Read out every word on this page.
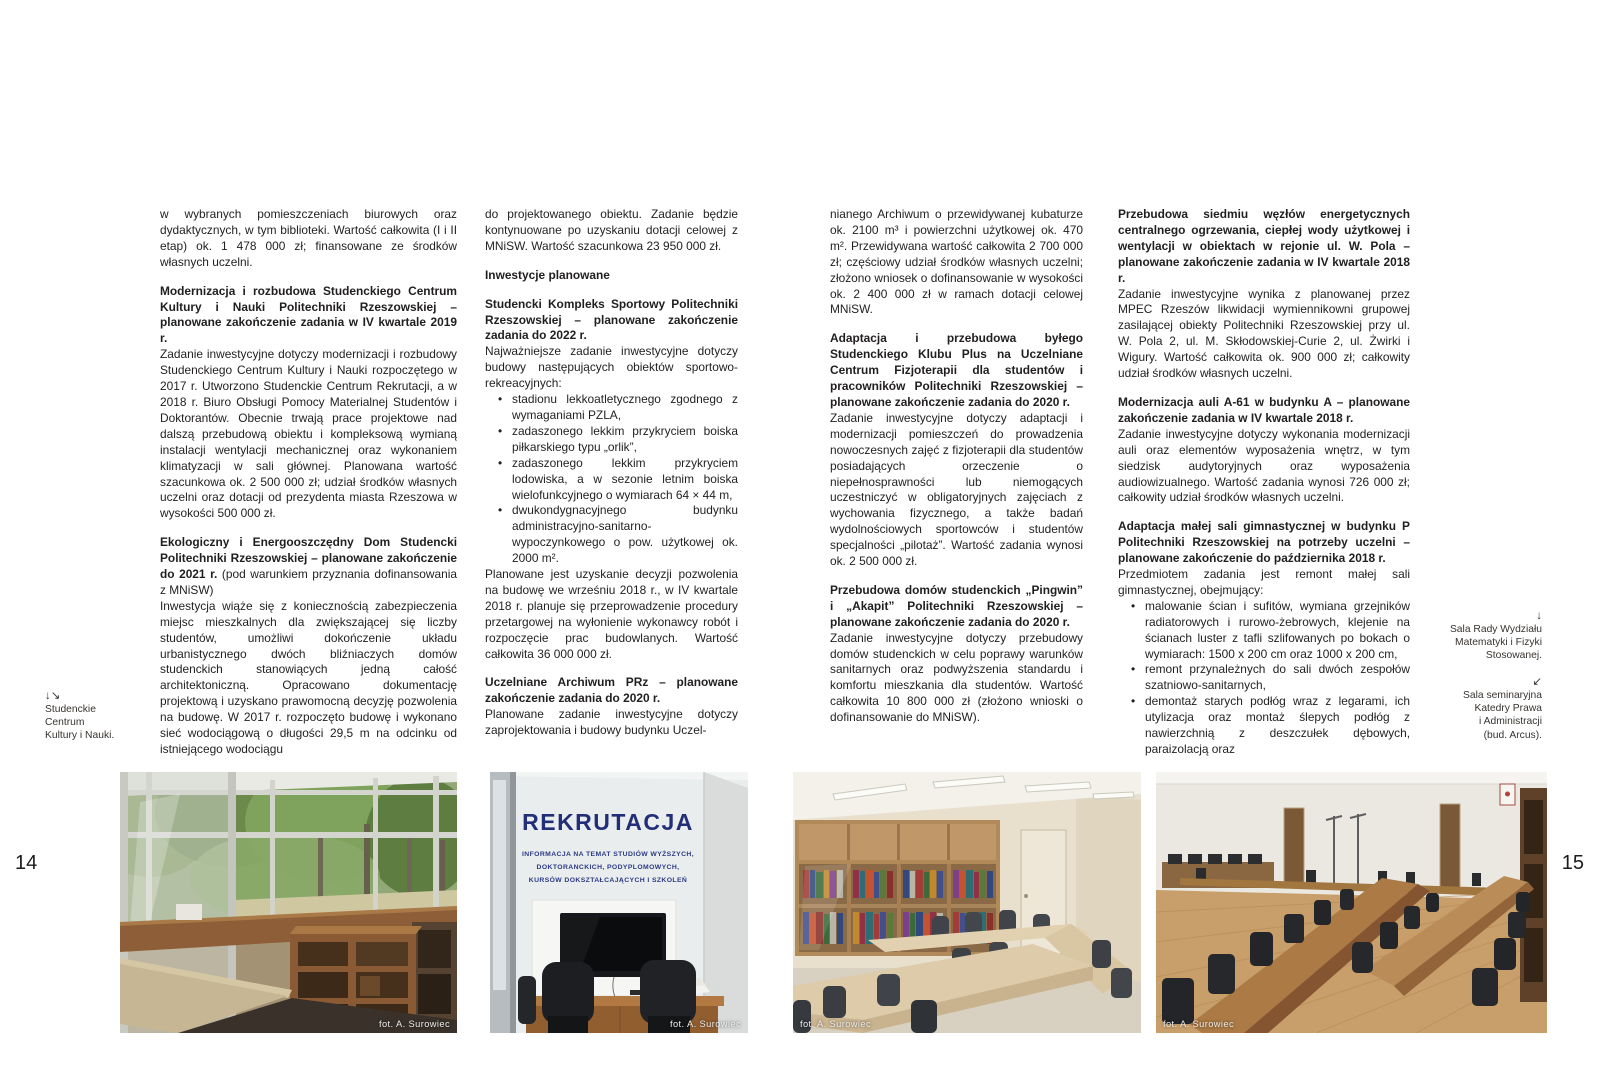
14	15
↓↘
Studenckie
Centrum
Kultury i Nauki.
↓
Sala Rady Wydziału
Matematyki i Fizyki
Stosowanej.
↙
Sala seminaryjna
Katedry Prawa
i Administracji
(bud. Arcus).
w wybranych pomieszczeniach biurowych oraz dydaktycznych, w tym biblioteki. Wartość całkowita (I i II etap) ok. 1 478 000 zł; finansowane ze środków własnych uczelni.
Modernizacja i rozbudowa Studenckiego Centrum Kultury i Nauki Politechniki Rzeszowskiej – planowane zakończenie zadania w IV kwartale 2019 r.
Zadanie inwestycyjne dotyczy modernizacji i rozbudowy Studenckiego Centrum Kultury i Nauki rozpoczętego w 2017 r. Utworzono Studenckie Centrum Rekrutacji, a w 2018 r. Biuro Obsługi Pomocy Materialnej Studentów i Doktorantów. Obecnie trwają prace projektowe nad dalszą przebudową obiektu i kompleksową wymianą instalacji wentylacji mechanicznej oraz wykonaniem klimatyzacji w sali głównej. Planowana wartość szacunkowa ok. 2 500 000 zł; udział środków własnych uczelni oraz dotacji od prezydenta miasta Rzeszowa w wysokości 500 000 zł.
Ekologiczny i Energooszczędny Dom Studencki Politechniki Rzeszowskiej – planowane zakończenie do 2021 r. (pod warunkiem przyznania dofinansowania z MNiSW)
Inwestycja wiąże się z koniecznością zabezpieczenia miejsc mieszkalnych dla zwiększającej się liczby studentów, umożliwi dokończenie układu urbanistycznego dwóch bliźniaczych domów studenckich stanowiących jedną całość architektoniczną. Opracowano dokumentację projektową i uzyskano prawomocną decyzję pozwolenia na budowę. W 2017 r. rozpoczęto budowę i wykonano sieć wodociągową o długości 29,5 m na odcinku od istniejącego wodociągu
do projektowanego obiektu. Zadanie będzie kontynuowane po uzyskaniu dotacji celowej z MNiSW. Wartość szacunkowa 23 950 000 zł.
Inwestycje planowane
Studencki Kompleks Sportowy Politechniki Rzeszowskiej – planowane zakończenie zadania do 2022 r.
Najważniejsze zadanie inwestycyjne dotyczy budowy następujących obiektów sportowo-rekreacyjnych:
• stadionu lekkoatletycznego zgodnego z wymaganiami PZLA,
• zadaszonego lekkim przykryciem boiska piłkarskiego typu „orlik”,
• zadaszonego lekkim przykryciem lodowiska, a w sezonie letnim boiska wielofunkcyjnego o wymiarach 64 × 44 m,
• dwukondygnacyjnego budynku administracyjno-sanitarno-wypoczynkowego o pow. użytkowej ok. 2000 m².
Planowane jest uzyskanie decyzji pozwolenia na budowę we wrześniu 2018 r., w IV kwartale 2018 r. planuje się przeprowadzenie procedury przetargowej na wyłonienie wykonawcy robót i rozpoczęcie prac budowlanych. Wartość całkowita 36 000 000 zł.
Uczelniane Archiwum PRz – planowane zakończenie zadania do 2020 r.
Planowane zadanie inwestycyjne dotyczy zaprojektowania i budowy budynku Uczel-
nianego Archiwum o przewidywanej kubaturze ok. 2100 m³ i powierzchni użytkowej ok. 470 m². Przewidywana wartość całkowita 2 700 000 zł; częściowy udział środków własnych uczelni; złożono wniosek o dofinansowanie w wysokości ok. 2 400 000 zł w ramach dotacji celowej MNiSW.
Adaptacja i przebudowa byłego Studenckiego Klubu Plus na Uczelniane Centrum Fizjoterapii dla studentów i pracowników Politechniki Rzeszowskiej – planowane zakończenie zadania do 2020 r.
Zadanie inwestycyjne dotyczy adaptacji i modernizacji pomieszczeń do prowadzenia nowoczesnych zajęć z fizjoterapii dla studentów posiadających orzeczenie o niepełnosprawności lub niemogących uczestniczyć w obligatoryjnych zajęciach z wychowania fizycznego, a także badań wydolnościowych sportowców i studentów specjalności „pilotaż”. Wartość zadania wynosi ok. 2 500 000 zł.
Przebudowa domów studenckich „Pingwin” i „Akapit” Politechniki Rzeszowskiej – planowane zakończenie zadania do 2020 r.
Zadanie inwestycyjne dotyczy przebudowy domów studenckich w celu poprawy warunków sanitarnych oraz podwyższenia standardu i komfortu mieszkania dla studentów. Wartość całkowita 10 800 000 zł (złożono wnioski o dofinansowanie do MNiSW).
Przebudowa siedmiu węzłów energetycznych centralnego ogrzewania, ciepłej wody użytkowej i wentylacji w obiektach w rejonie ul. W. Pola – planowane zakończenie zadania w IV kwartale 2018 r.
Zadanie inwestycyjne wynika z planowanej przez MPEC Rzeszów likwidacji wymiennikowni grupowej zasilającej obiekty Politechniki Rzeszowskiej przy ul. W. Pola 2, ul. M. Skłodowskiej-Curie 2, ul. Żwirki i Wigury. Wartość całkowita ok. 900 000 zł; całkowity udział środków własnych uczelni.
Modernizacja auli A-61 w budynku A – planowane zakończenie zadania w IV kwartale 2018 r.
Zadanie inwestycyjne dotyczy wykonania modernizacji auli oraz elementów wyposażenia wnętrz, w tym siedzisk audytoryjnych oraz wyposażenia audiowizualnego. Wartość zadania wynosi 726 000 zł; całkowity udział środków własnych uczelni.
Adaptacja małej sali gimnastycznej w budynku P Politechniki Rzeszowskiej na potrzeby uczelni – planowane zakończenie do października 2018 r.
Przedmiotem zadania jest remont małej sali gimnastycznej, obejmujący:
• malowanie ścian i sufitów, wymiana grzejników radiatorowych i rurowo-żebrowych, klejenie na ścianach luster z tafli szlifowanych po bokach o wymiarach: 1500 x 200 cm oraz 1000 x 200 cm,
• remont przynależnych do sali dwóch zespołów szatniowo-sanitarnych,
• demontaż starych podłóg wraz z legarami, ich utylizacja oraz montaż ślepych podłóg z nawierzchnią z deszczułek dębowych, paraizolacją oraz
fot. A. Surowiec
REKRUTACJA
INFORMACJA NA TEMAT STUDIÓW WYŻSZYCH,
DOKTORANCKICH, PODYPLOMOWYCH,
KURSÓW DOKSZTAŁCAJĄCYCH I SZKOLEŃ
fot. A. Surowiec	fot. A. Surowiec	fot. A. Surowiec
